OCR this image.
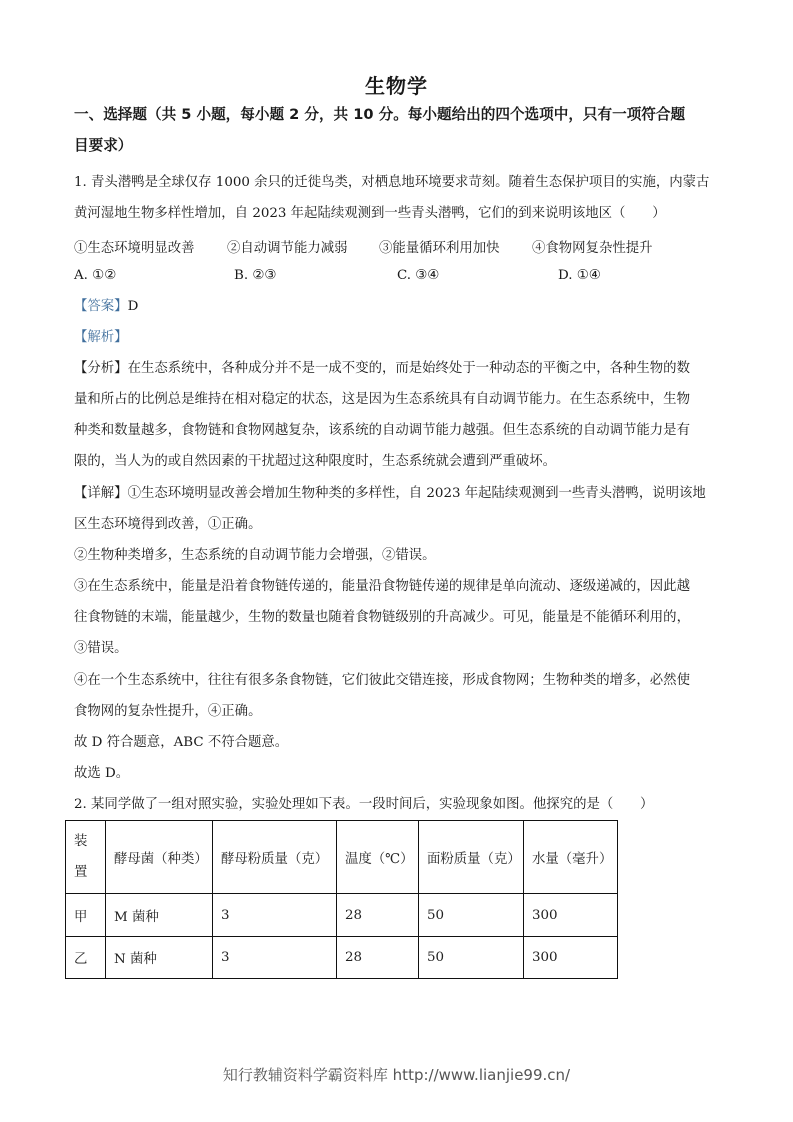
生物学
一、选择题（共 5 小题，每小题 2 分，共 10 分。每小题给出的四个选项中，只有一项符合题
目要求）
1. 青头潜鸭是全球仅存 1000 余只的迁徙鸟类，对栖息地环境要求苛刻。随着生态保护项目的实施，内蒙古
黄河湿地生物多样性增加，自 2023 年起陆续观测到一些青头潜鸭，它们的到来说明该地区（　　）
①生态环境明显改善 ②自动调节能力减弱 ③能量循环利用加快 ④食物网复杂性提升
A. ①②	B. ②③	C. ③④	D. ①④
【答案】D
【解析】
【分析】在生态系统中，各种成分并不是一成不变的，而是始终处于一种动态的平衡之中，各种生物的数
量和所占的比例总是维持在相对稳定的状态，这是因为生态系统具有自动调节能力。在生态系统中，生物
种类和数量越多，食物链和食物网越复杂，该系统的自动调节能力越强。但生态系统的自动调节能力是有
限的，当人为的或自然因素的干扰超过这种限度时，生态系统就会遭到严重破坏。
【详解】①生态环境明显改善会增加生物种类的多样性，自 2023 年起陆续观测到一些青头潜鸭，说明该地
区生态环境得到改善，①正确。
②生物种类增多，生态系统的自动调节能力会增强，②错误。
③在生态系统中，能量是沿着食物链传递的，能量沿食物链传递的规律是单向流动、逐级递减的，因此越
往食物链的末端，能量越少，生物的数量也随着食物链级别的升高减少。可见，能量是不能循环利用的，
③错误。
④在一个生态系统中，往往有很多条食物链，它们彼此交错连接，形成食物网；生物种类的增多，必然使
食物网的复杂性提升，④正确。
故 D 符合题意，ABC 不符合题意。
故选 D。
2. 某同学做了一组对照实验，实验处理如下表。一段时间后，实验现象如图。他探究的是（　　）
装
置	酵母菌（种类）	酵母粉质量（克）	温度（℃）	面粉质量（克）	水量（毫升）
甲	M 菌种	3	28	50	300
乙	N 菌种	3	28	50	300
知行教辅资料学霸资料库 http://www.lianjie99.cn/
